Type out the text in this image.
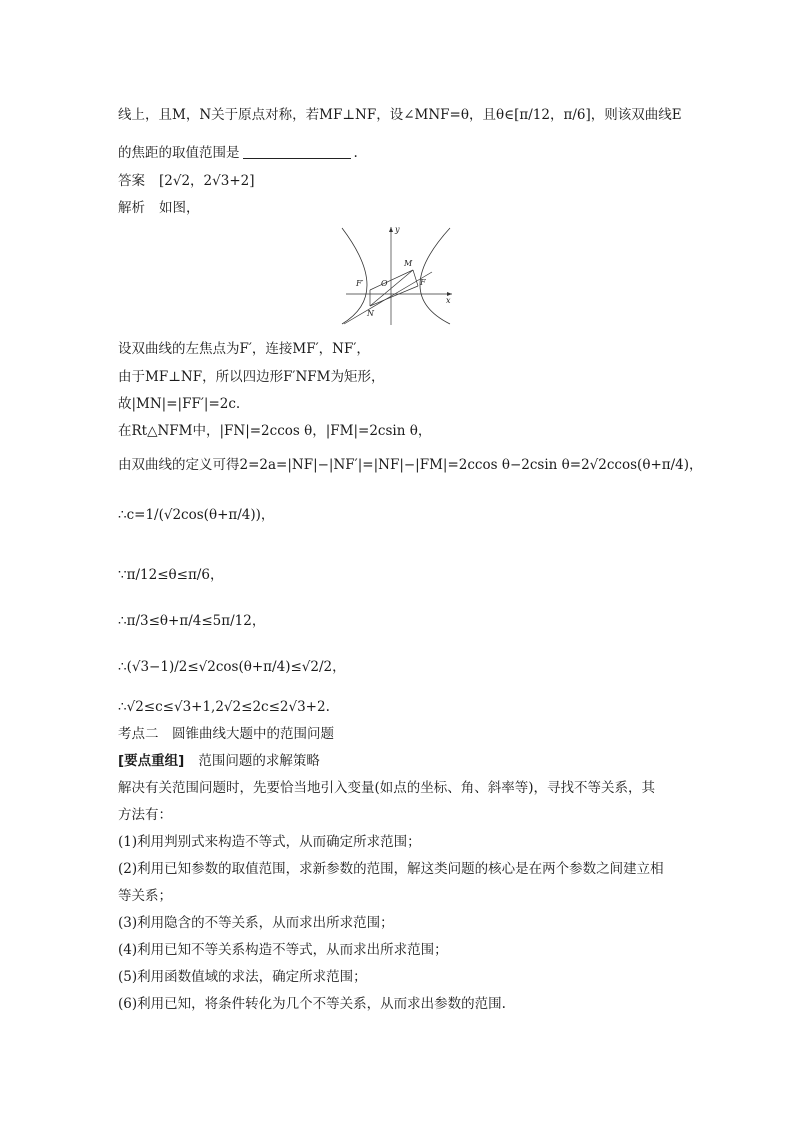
线上，且M，N关于原点对称，若MF⊥NF，设∠MNF=θ，且θ∈[π/12，π/6]，则该双曲线E
的焦距的取值范围是	.
答案 [2√2，2√3+2]
解析 如图，
y
x
O
F′	F
M
N
设双曲线的左焦点为F′，连接MF′，NF′，
由于MF⊥NF，所以四边形F′NFM为矩形，
故|MN|=|FF′|=2c.
在Rt△NFM中，|FN|=2ccos θ，|FM|=2csin θ，
由双曲线的定义可得2=2a=|NF|−|NF′|=|NF|−|FM|=2ccos θ−2csin θ=2√2ccos(θ+π/4)，
∴c=1/(√2cos(θ+π/4))，
∵π/12≤θ≤π/6，
∴π/3≤θ+π/4≤5π/12，
∴(√3−1)/2≤√2cos(θ+π/4)≤√2/2，
∴√2≤c≤√3+1,2√2≤2c≤2√3+2.
考点二　圆锥曲线大题中的范围问题
[要点重组] 范围问题的求解策略
解决有关范围问题时，先要恰当地引入变量(如点的坐标、角、斜率等)，寻找不等关系，其
方法有：
(1)利用判别式来构造不等式，从而确定所求范围；
(2)利用已知参数的取值范围，求新参数的范围，解这类问题的核心是在两个参数之间建立相
等关系；
(3)利用隐含的不等关系，从而求出所求范围；
(4)利用已知不等关系构造不等式，从而求出所求范围；
(5)利用函数值域的求法，确定所求范围；
(6)利用已知，将条件转化为几个不等关系，从而求出参数的范围.
